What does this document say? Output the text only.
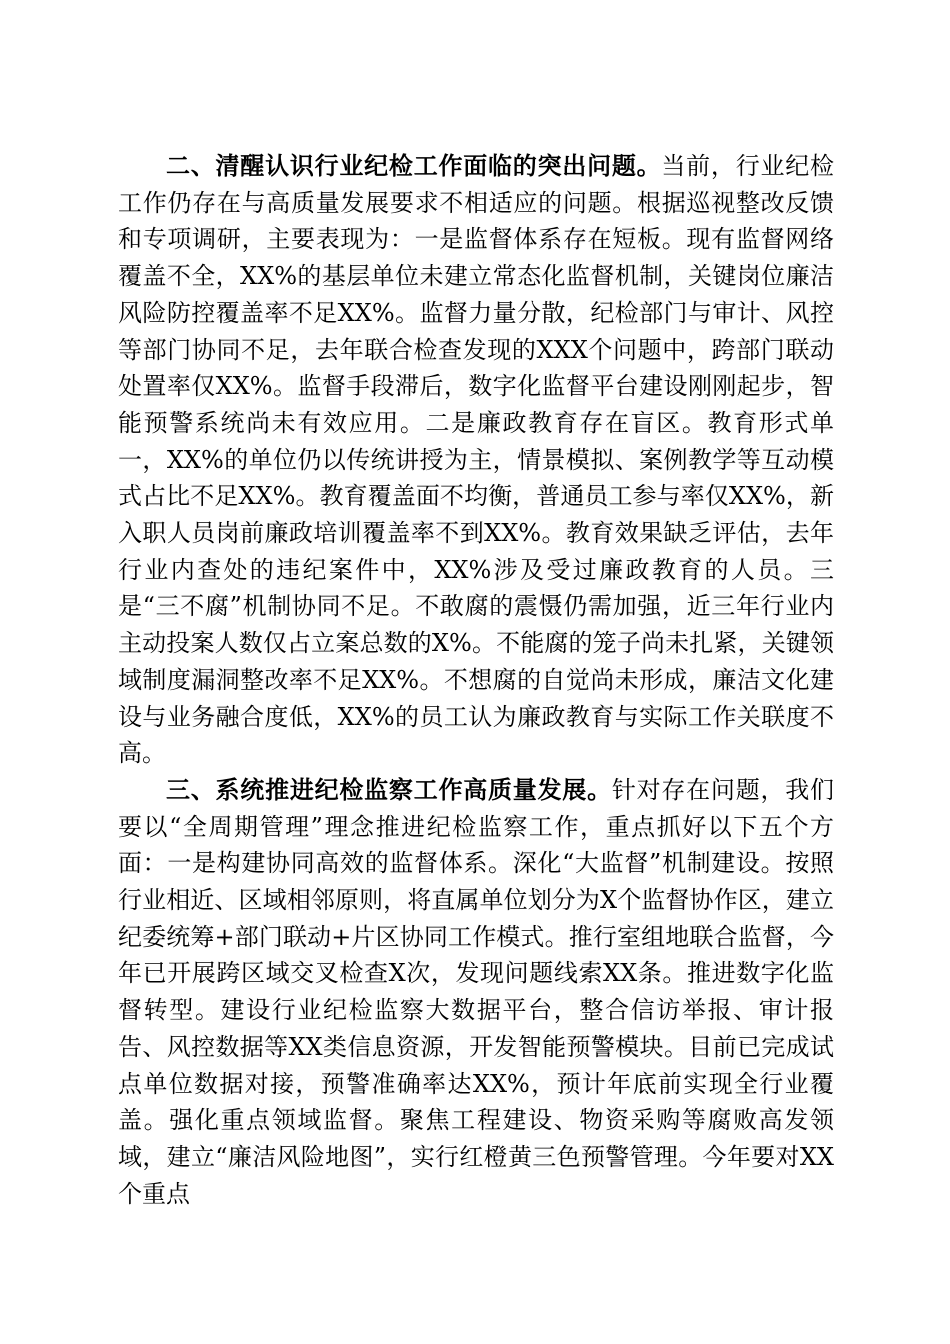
二、清醒认识行业纪检工作面临的突出问题。当前，行业纪检工作仍存在与高质量发展要求不相适应的问题。根据巡视整改反馈和专项调研，主要表现为：一是监督体系存在短板。现有监督网络覆盖不全，XX%的基层单位未建立常态化监督机制，关键岗位廉洁风险防控覆盖率不足XX%。监督力量分散，纪检部门与审计、风控等部门协同不足，去年联合检查发现的XXX个问题中，跨部门联动处置率仅XX%。监督手段滞后，数字化监督平台建设刚刚起步，智能预警系统尚未有效应用。二是廉政教育存在盲区。教育形式单一，XX%的单位仍以传统讲授为主，情景模拟、案例教学等互动模式占比不足XX%。教育覆盖面不均衡，普通员工参与率仅XX%，新入职人员岗前廉政培训覆盖率不到XX%。教育效果缺乏评估，去年行业内查处的违纪案件中，XX%涉及受过廉政教育的人员。三是“三不腐”机制协同不足。不敢腐的震慑仍需加强，近三年行业内主动投案人数仅占立案总数的X%。不能腐的笼子尚未扎紧，关键领域制度漏洞整改率不足XX%。不想腐的自觉尚未形成，廉洁文化建设与业务融合度低，XX%的员工认为廉政教育与实际工作关联度不高。

三、系统推进纪检监察工作高质量发展。针对存在问题，我们要以“全周期管理”理念推进纪检监察工作，重点抓好以下五个方面：一是构建协同高效的监督体系。深化“大监督”机制建设。按照行业相近、区域相邻原则，将直属单位划分为X个监督协作区，建立纪委统筹+部门联动+片区协同工作模式。推行室组地联合监督，今年已开展跨区域交叉检查X次，发现问题线索XX条。推进数字化监督转型。建设行业纪检监察大数据平台，整合信访举报、审计报告、风控数据等XX类信息资源，开发智能预警模块。目前已完成试点单位数据对接，预警准确率达XX%，预计年底前实现全行业覆盖。强化重点领域监督。聚焦工程建设、物资采购等腐败高发领域，建立“廉洁风险地图”，实行红橙黄三色预警管理。今年要对XX个重点
